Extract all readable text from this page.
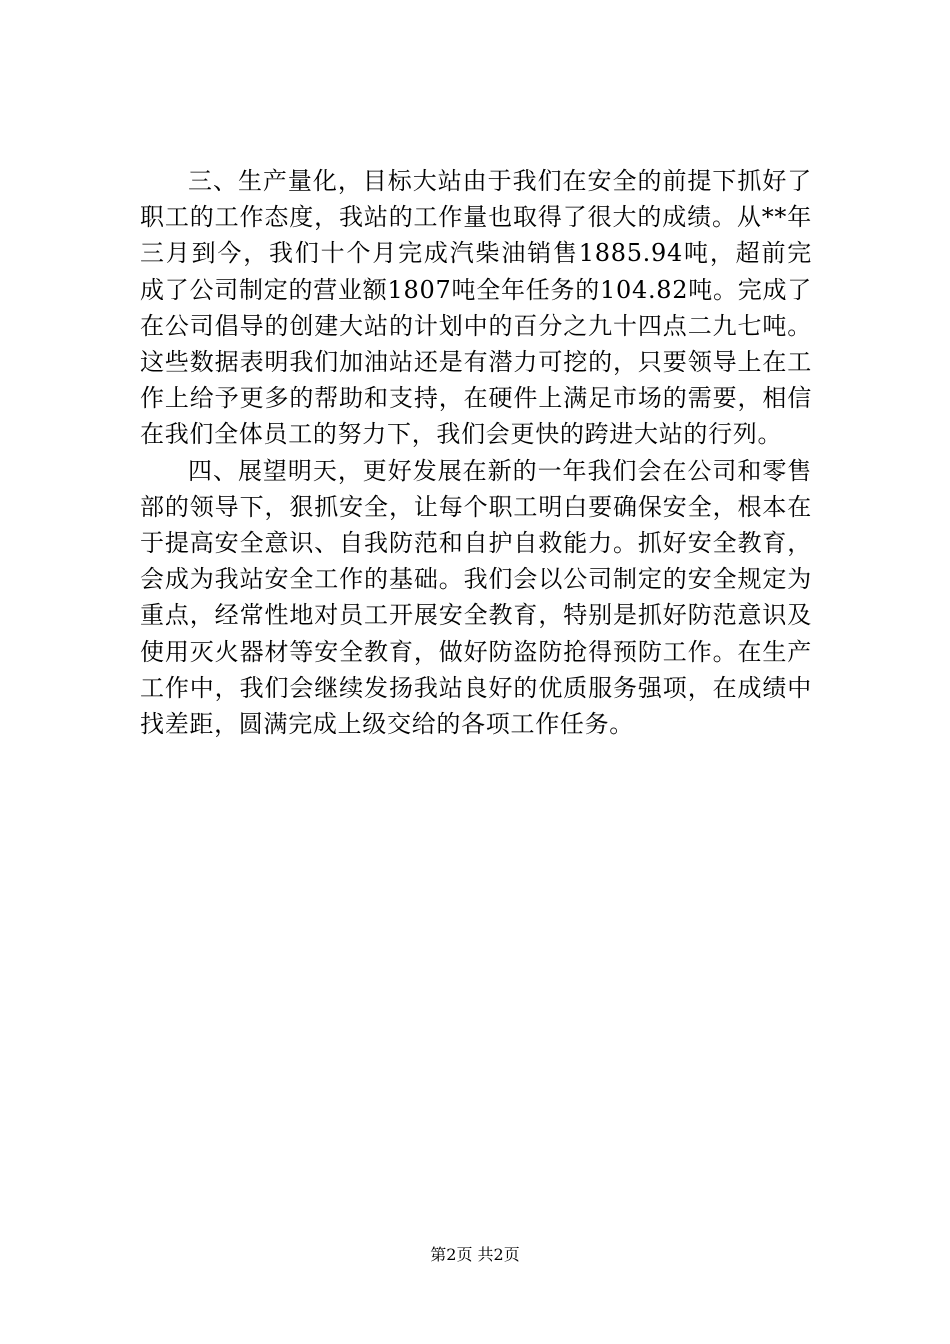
三、生产量化，目标大站由于我们在安全的前提下抓好了职工的工作态度，我站的工作量也取得了很大的成绩。从**年三月到今，我们十个月完成汽柴油销售1885.94吨，超前完成了公司制定的营业额1807吨全年任务的104.82吨。完成了在公司倡导的创建大站的计划中的百分之九十四点二九七吨。这些数据表明我们加油站还是有潜力可挖的，只要领导上在工作上给予更多的帮助和支持，在硬件上满足市场的需要，相信在我们全体员工的努力下，我们会更快的跨进大站的行列。

四、展望明天，更好发展在新的一年我们会在公司和零售部的领导下，狠抓安全，让每个职工明白要确保安全，根本在于提高安全意识、自我防范和自护自救能力。抓好安全教育，会成为我站安全工作的基础。我们会以公司制定的安全规定为重点，经常性地对员工开展安全教育，特别是抓好防范意识及使用灭火器材等安全教育，做好防盗防抢得预防工作。在生产工作中，我们会继续发扬我站良好的优质服务强项，在成绩中找差距，圆满完成上级交给的各项工作任务。

第2页 共2页
